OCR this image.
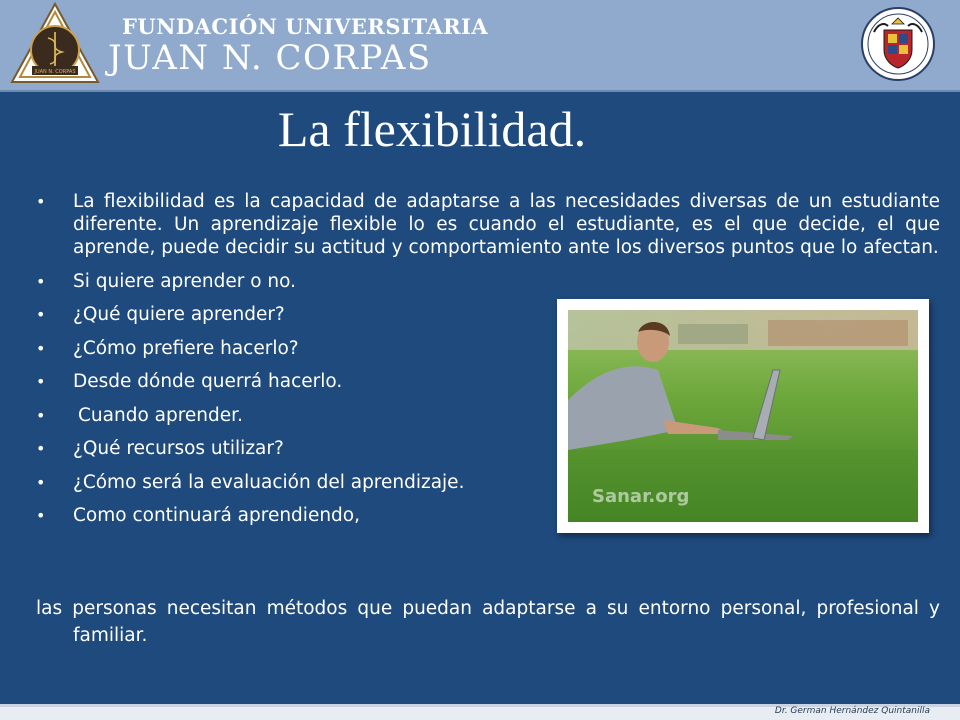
JUAN N. CORPAS
FUNDACIÓN UNIVERSITARIA
JUAN N. CORPAS
La flexibilidad.
• La flexibilidad es la capacidad de adaptarse a las necesidades diversas de un estudiante diferente. Un aprendizaje flexible lo es cuando el estudiante, es el que decide, el que aprende, puede decidir su actitud y comportamiento ante los diversos puntos que lo afectan.
• Si quiere aprender o no.
• ¿Qué quiere aprender?
• ¿Cómo prefiere hacerlo?
• Desde dónde querrá hacerlo.
• Cuando aprender.
• ¿Qué recursos utilizar?
• ¿Cómo será la evaluación del aprendizaje.
• Como continuará aprendiendo,

las personas necesitan métodos que puedan adaptarse a su entorno personal, profesional y familiar.

Sanar.org
Dr. German Hernández Quintanilla
